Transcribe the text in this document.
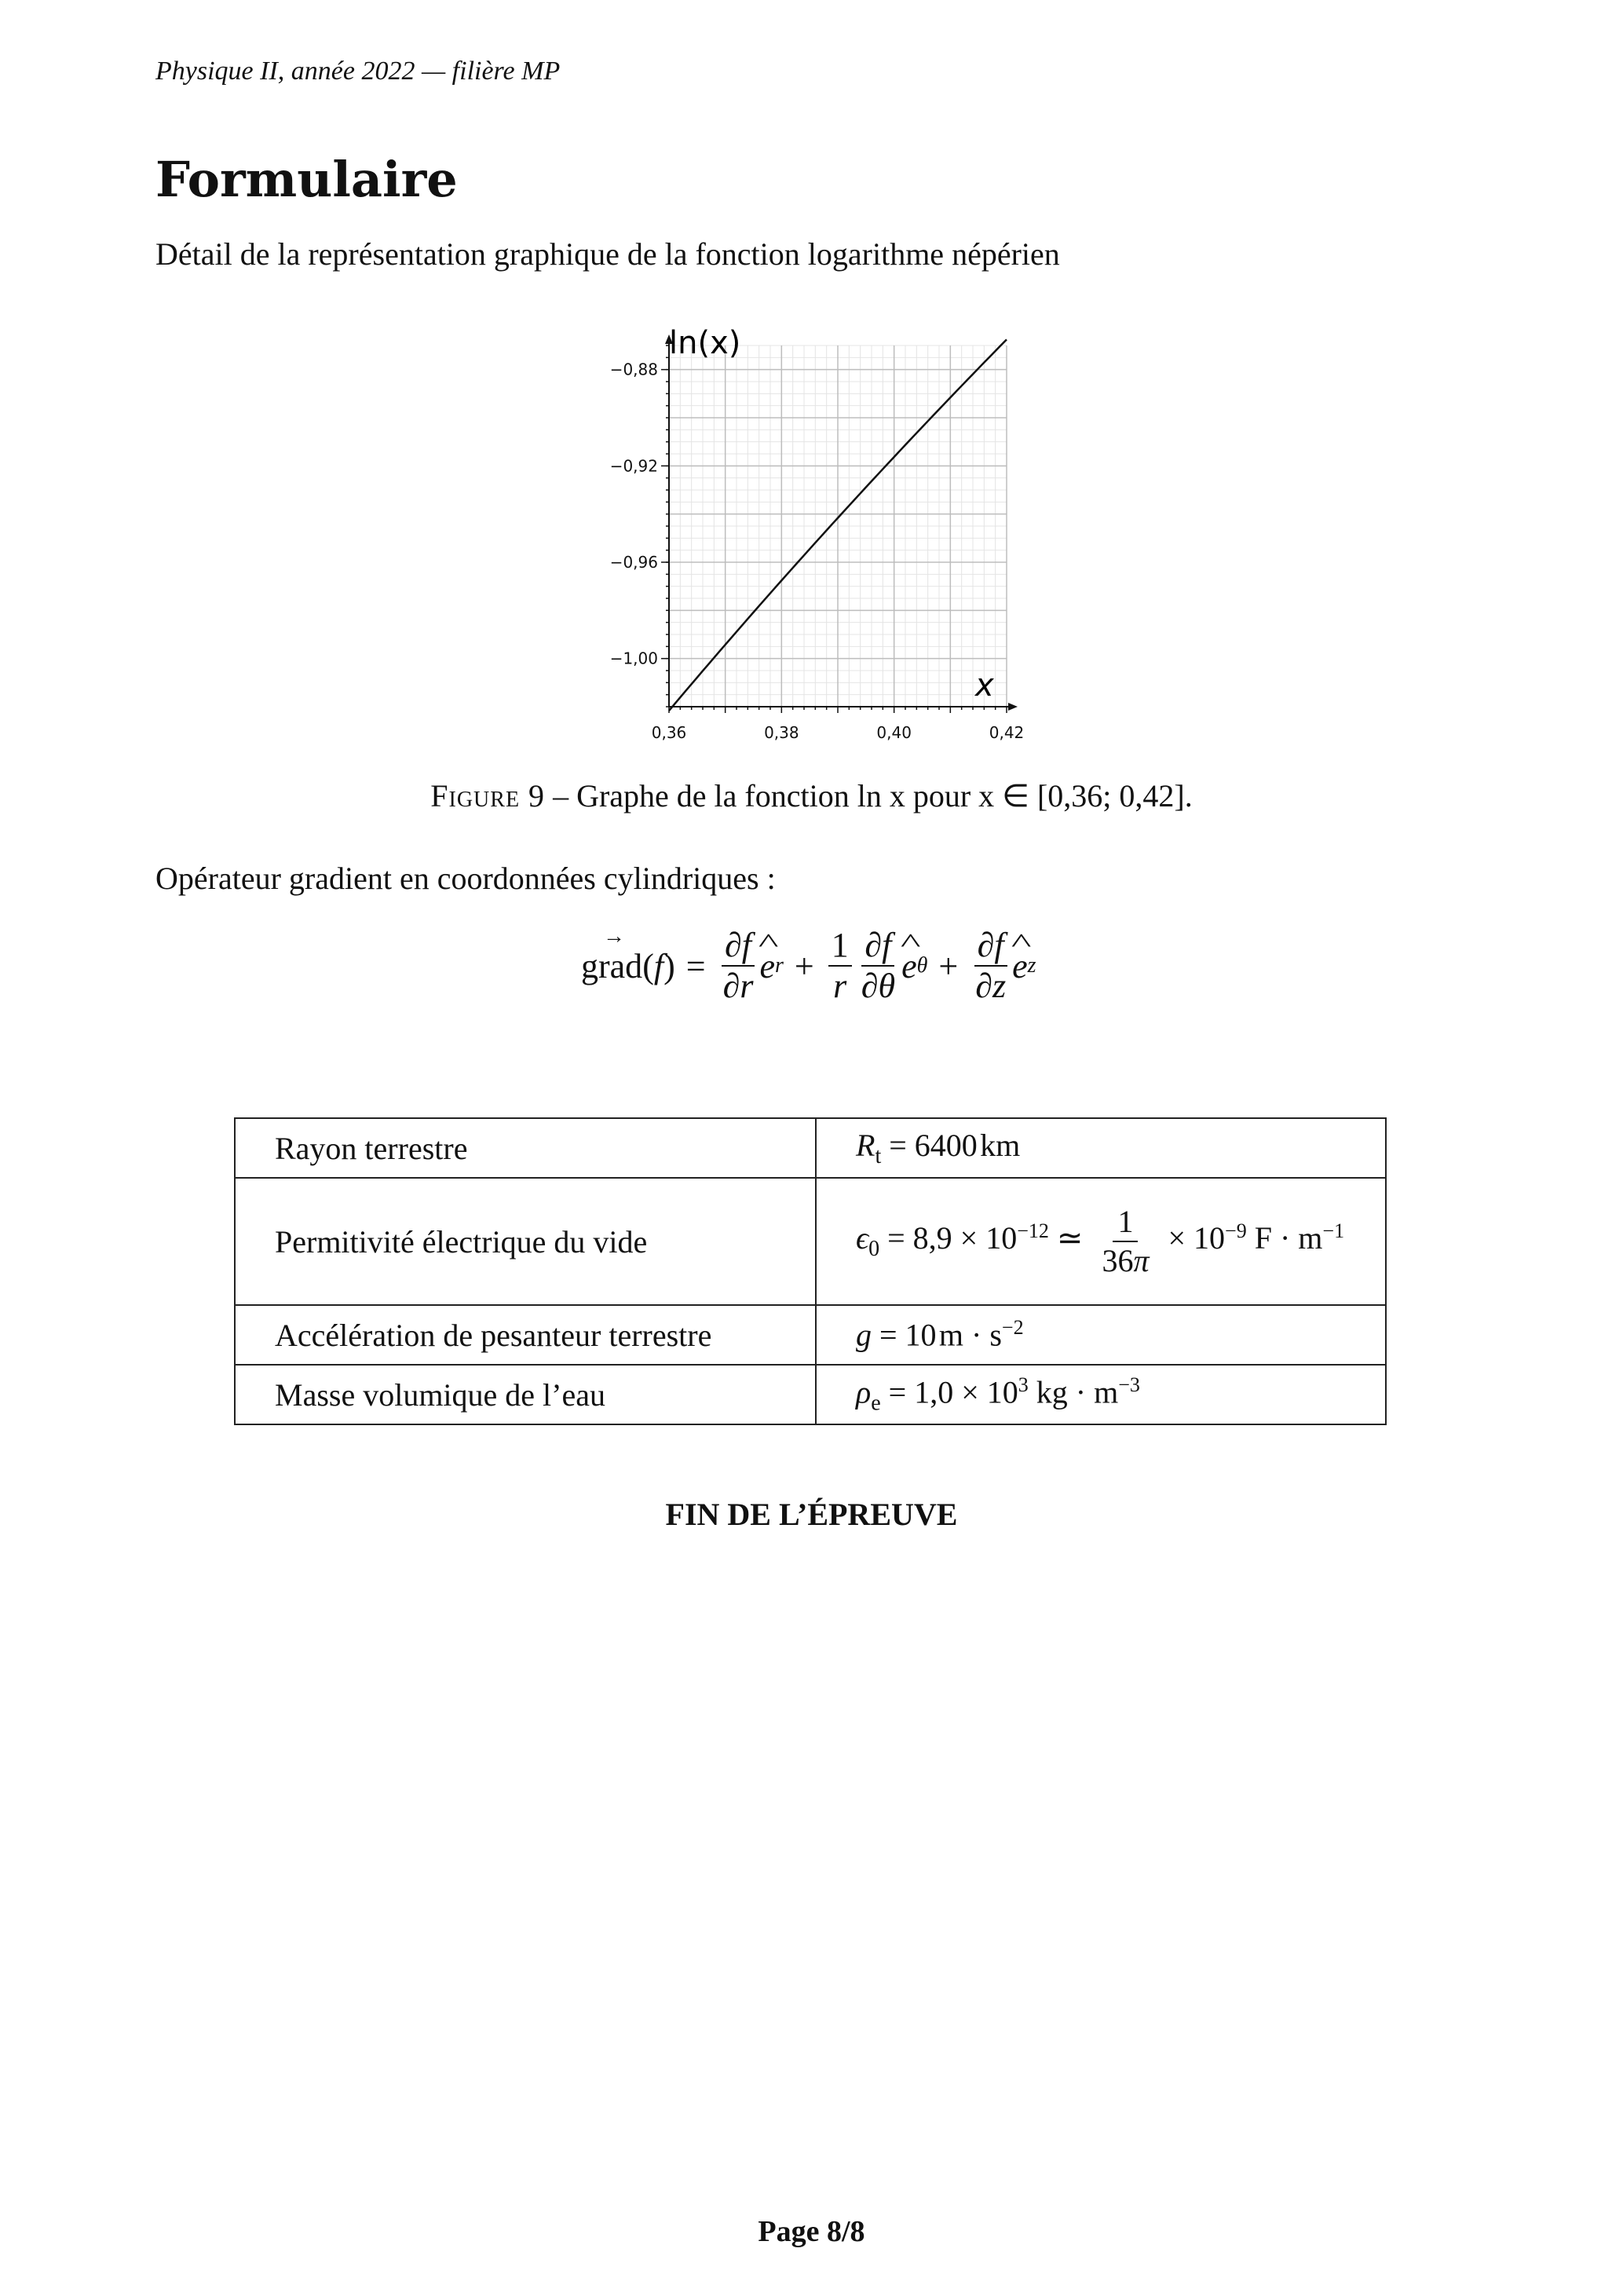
Physique II, année 2022 — filière MP
Formulaire
Détail de la représentation graphique de la fonction logarithme népérien
0,36	0,38	0,40	0,42
−0,88
−0,92
−0,96
−1,00
ln(x)
x
Figure 9 – Graphe de la fonction ln x pour x ∈ [0,36; 0,42].
Opérateur gradient en coordonnées cylindriques :
grad
→
( f ) = $\frac{\partial f}{\partial r}$ ^ e $r + \frac{1}{r} \frac{\partial f}{\partial\theta}$ ^ e $\theta + \frac{\partial f}{\partial z}$ ^ e z
Rayon terrestre	$R_t = 6400$ km
Permitivité électrique du vide	$\epsilon_0 = 8,9 \times 10^{-12}$ ≃ $\frac{1}{36\pi} \times 10^{-9}$ $F \cdot m^{-1}$
Accélération de pesanteur terrestre	g = 10 $m \cdot s^{-2}$
Masse volumique de l’eau	$\rho_e = 1,0 \times 10^3$ kg · $m^{-3}$
FIN DE L’ÉPREUVE
Page 8/8
